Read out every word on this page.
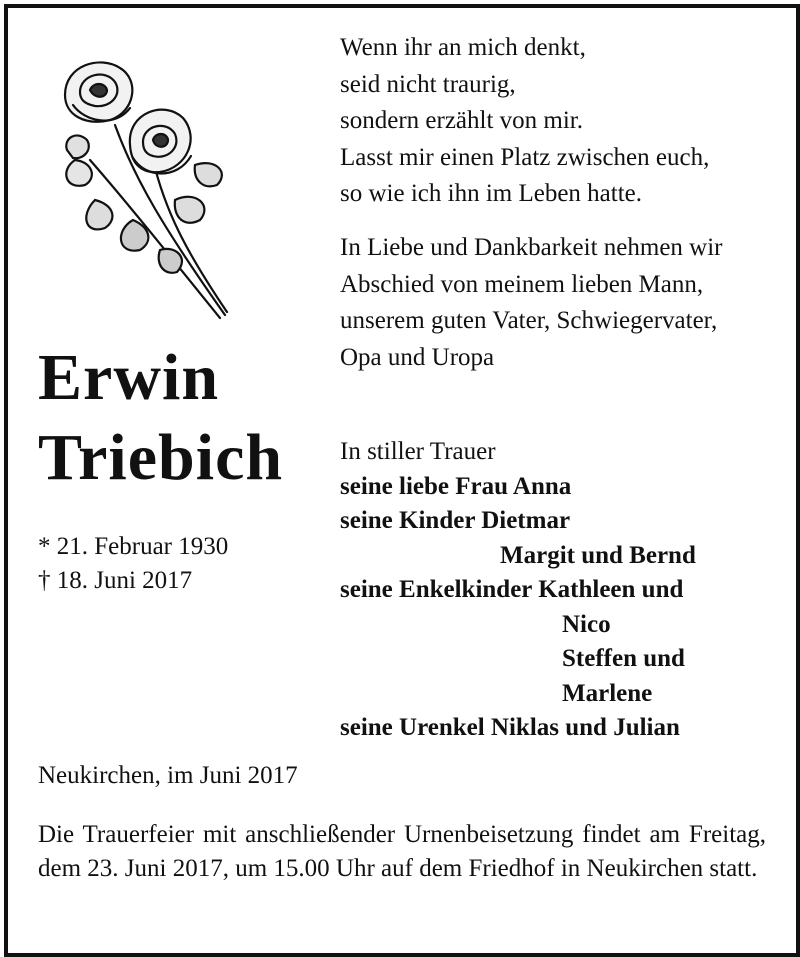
Wenn ihr an mich denkt,
seid nicht traurig,
sondern erzählt von mir.
Lasst mir einen Platz zwischen euch,
so wie ich ihn im Leben hatte.
In Liebe und Dankbarkeit nehmen wir
Abschied von meinem lieben Mann,
unserem guten Vater, Schwiegervater,
Opa und Uropa
Erwin
Triebich
* 21. Februar 1930
† 18. Juni 2017
In stiller Trauer
seine liebe Frau Anna
seine Kinder Dietmar
Margit und Bernd
seine Enkelkinder Kathleen und
Nico
Steffen und
Marlene
seine Urenkel Niklas und Julian
Neukirchen, im Juni 2017
Die Trauerfeier mit anschließender Urnenbeisetzung findet am Freitag, dem 23. Juni 2017, um 15.00 Uhr auf dem Friedhof in Neukirchen statt.
